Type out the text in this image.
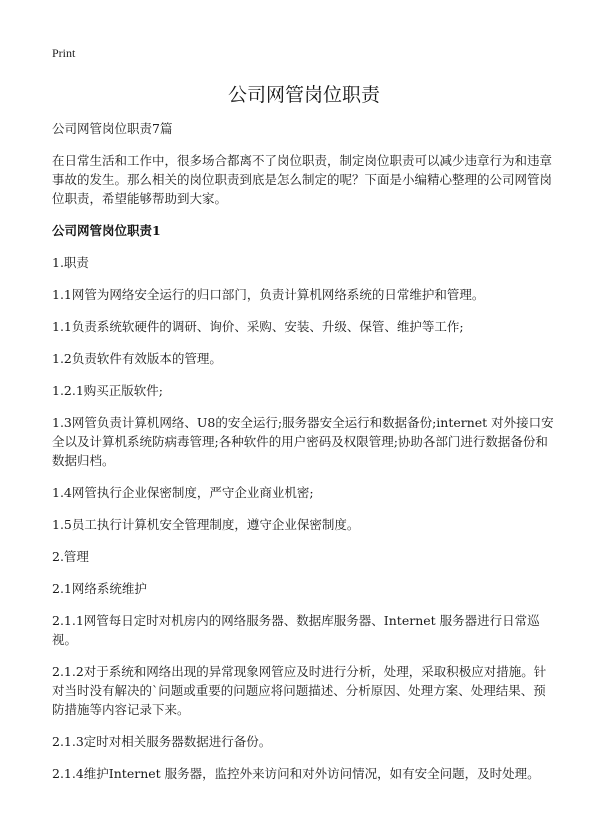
Print
公司网管岗位职责

公司网管岗位职责7篇

在日常生活和工作中，很多场合都离不了岗位职责，制定岗位职责可以减少违章行为和违章事故的发生。那么相关的岗位职责到底是怎么制定的呢？下面是小编精心整理的公司网管岗位职责，希望能够帮助到大家。

公司网管岗位职责1

1.职责

1.1网管为网络安全运行的归口部门，负责计算机网络系统的日常维护和管理。

1.1负责系统软硬件的调研、询价、采购、安装、升级、保管、维护等工作;

1.2负责软件有效版本的管理。

1.2.1购买正版软件;

1.3网管负责计算机网络、U8的安全运行;服务器安全运行和数据备份;internet 对外接口安全以及计算机系统防病毒管理;各种软件的用户密码及权限管理;协助各部门进行数据备份和数据归档。

1.4网管执行企业保密制度，严守企业商业机密;

1.5员工执行计算机安全管理制度，遵守企业保密制度。

2.管理

2.1网络系统维护

2.1.1网管每日定时对机房内的网络服务器、数据库服务器、Internet 服务器进行日常巡视。

2.1.2对于系统和网络出现的异常现象网管应及时进行分析，处理，采取积极应对措施。针对当时没有解决的`问题或重要的问题应将问题描述、分析原因、处理方案、处理结果、预防措施等内容记录下来。

2.1.3定时对相关服务器数据进行备份。

2.1.4维护Internet 服务器，监控外来访问和对外访问情况，如有安全问题，及时处理。
